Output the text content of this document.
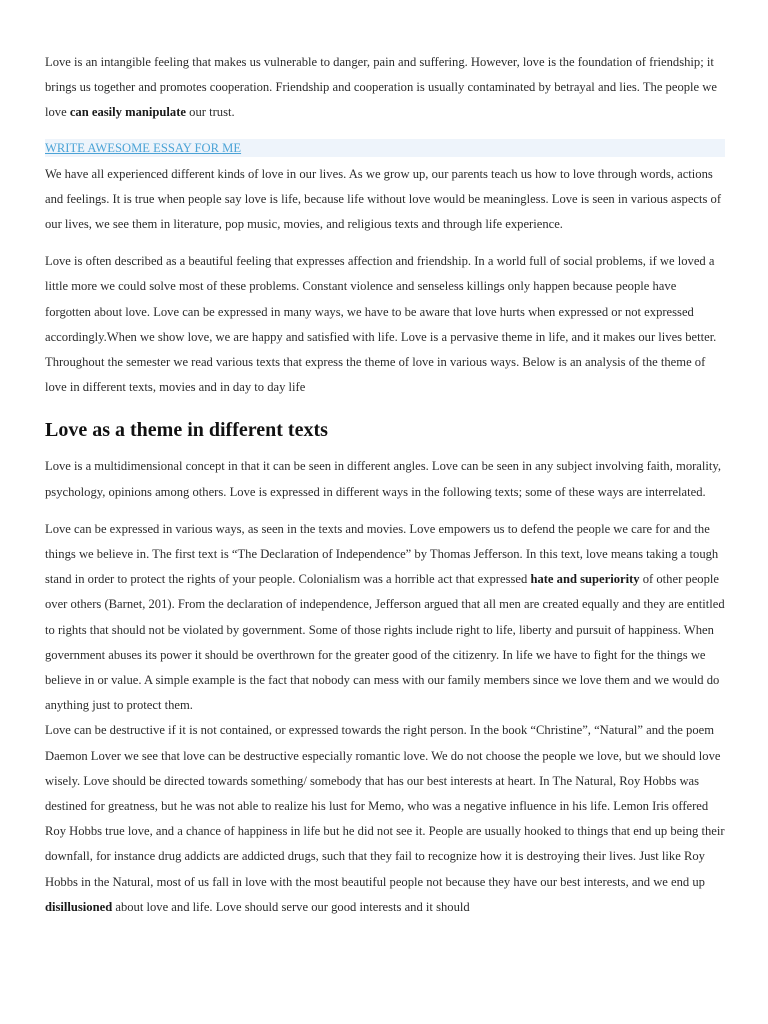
Love is an intangible feeling that makes us vulnerable to danger, pain and suffering. However, love is the foundation of friendship; it brings us together and promotes cooperation. Friendship and cooperation is usually contaminated by betrayal and lies. The people we love can easily manipulate our trust.

WRITE AWESOME ESSAY FOR ME

We have all experienced different kinds of love in our lives. As we grow up, our parents teach us how to love through words, actions and feelings. It is true when people say love is life, because life without love would be meaningless. Love is seen in various aspects of our lives, we see them in literature, pop music, movies, and religious texts and through life experience.

Love is often described as a beautiful feeling that expresses affection and friendship. In a world full of social problems, if we loved a little more we could solve most of these problems. Constant violence and senseless killings only happen because people have forgotten about love. Love can be expressed in many ways, we have to be aware that love hurts when expressed or not expressed accordingly.When we show love, we are happy and satisfied with life. Love is a pervasive theme in life, and it makes our lives better. Throughout the semester we read various texts that express the theme of love in various ways. Below is an analysis of the theme of love in different texts, movies and in day to day life

Love as a theme in different texts

Love is a multidimensional concept in that it can be seen in different angles. Love can be seen in any subject involving faith, morality, psychology, opinions among others. Love is expressed in different ways in the following texts; some of these ways are interrelated.

Love can be expressed in various ways, as seen in the texts and movies. Love empowers us to defend the people we care for and the things we believe in. The first text is “The Declaration of Independence” by Thomas Jefferson. In this text, love means taking a tough stand in order to protect the rights of your people. Colonialism was a horrible act that expressed hate and superiority of other people over others (Barnet, 201). From the declaration of independence, Jefferson argued that all men are created equally and they are entitled to rights that should not be violated by government. Some of those rights include right to life, liberty and pursuit of happiness. When government abuses its power it should be overthrown for the greater good of the citizenry. In life we have to fight for the things we believe in or value. A simple example is the fact that nobody can mess with our family members since we love them and we would do anything just to protect them.

Love can be destructive if it is not contained, or expressed towards the right person. In the book “Christine”, “Natural” and the poem Daemon Lover we see that love can be destructive especially romantic love. We do not choose the people we love, but we should love wisely. Love should be directed towards something/ somebody that has our best interests at heart. In The Natural, Roy Hobbs was destined for greatness, but he was not able to realize his lust for Memo, who was a negative influence in his life. Lemon Iris offered Roy Hobbs true love, and a chance of happiness in life but he did not see it. People are usually hooked to things that end up being their downfall, for instance drug addicts are addicted drugs, such that they fail to recognize how it is destroying their lives. Just like Roy Hobbs in the Natural, most of us fall in love with the most beautiful people not because they have our best interests, and we end up disillusioned about love and life. Love should serve our good interests and it should
